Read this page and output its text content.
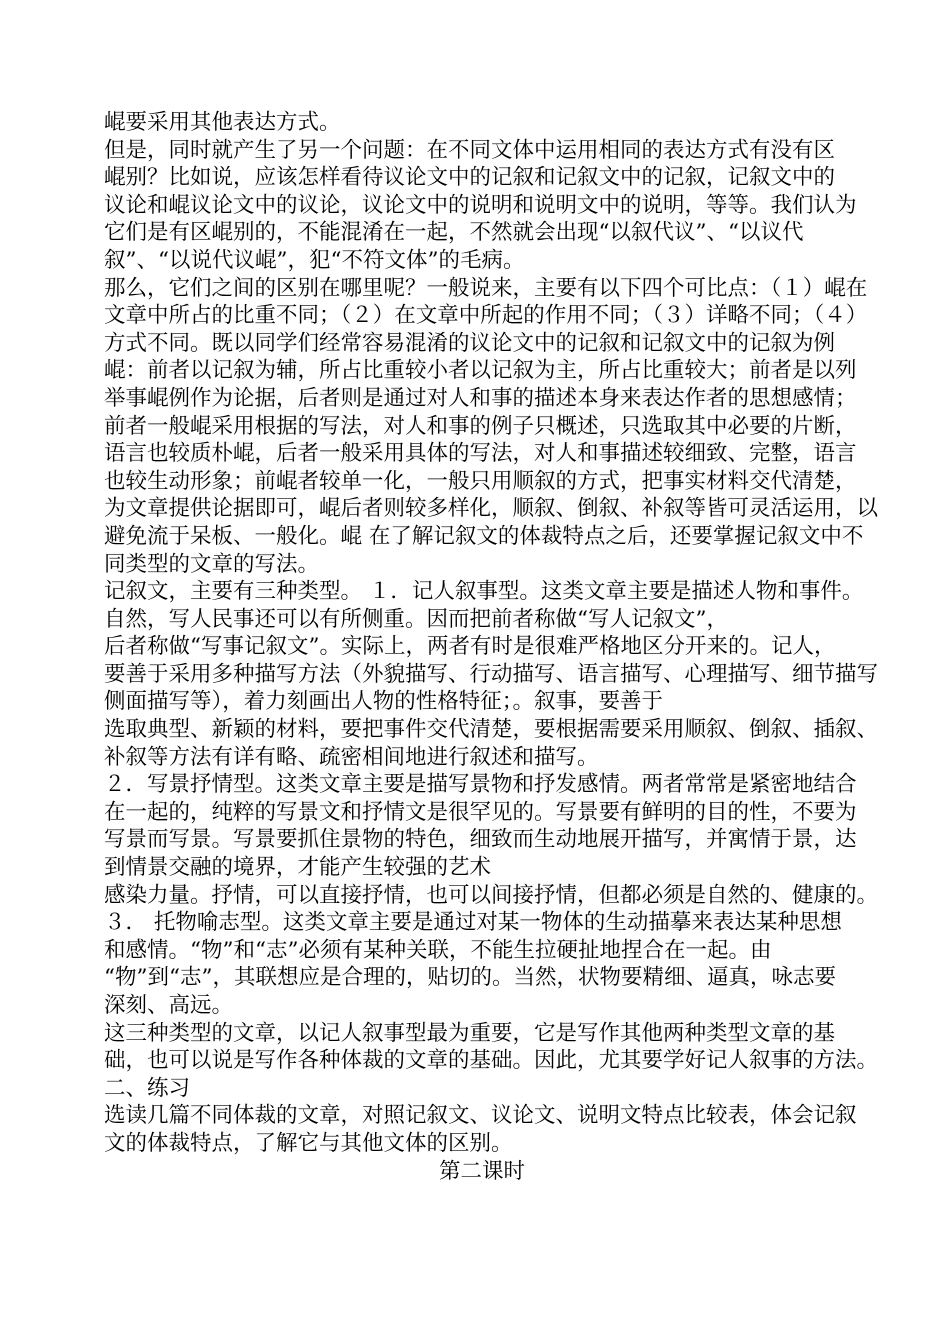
崐要采用其他表达方式。
但是，同时就产生了另一个问题：在不同文体中运用相同的表达方式有没有区
崐别？比如说，应该怎样看待议论文中的记叙和记叙文中的记叙，记叙文中的
议论和崐议论文中的议论，议论文中的说明和说明文中的说明，等等。我们认为
它们是有区崐别的，不能混淆在一起，不然就会出现“以叙代议”、“以议代
叙”、“以说代议崐”，犯“不符文体”的毛病。
那么，它们之间的区别在哪里呢？一般说来，主要有以下四个可比点：（１）崐在
文章中所占的比重不同；（２）在文章中所起的作用不同；（３）详略不同；（４）
方式不同。既以同学们经常容易混淆的议论文中的记叙和记叙文中的记叙为例
崐：前者以记叙为辅，所占比重较小者以记叙为主，所占比重较大；前者是以列
举事崐例作为论据，后者则是通过对人和事的描述本身来表达作者的思想感情；
前者一般崐采用根据的写法，对人和事的例子只概述，只选取其中必要的片断，
语言也较质朴崐，后者一般采用具体的写法，对人和事描述较细致、完整，语言
也较生动形象；前崐者较单一化，一般只用顺叙的方式，把事实材料交代清楚，
为文章提供论据即可，崐后者则较多样化，顺叙、倒叙、补叙等皆可灵活运用，以
避免流于呆板、一般化。崐 在了解记叙文的体裁特点之后，还要掌握记叙文中不
同类型的文章的写法。
记叙文，主要有三种类型。 １．记人叙事型。这类文章主要是描述人物和事件。
自然，写人民事还可以有所侧重。因而把前者称做“写人记叙文”，
后者称做“写事记叙文”。实际上，两者有时是很难严格地区分开来的。记人，
要善于采用多种描写方法（外貌描写、行动描写、语言描写、心理描写、细节描写
侧面描写等），着力刻画出人物的性格特征；。叙事，要善于
选取典型、新颖的材料，要把事件交代清楚，要根据需要采用顺叙、倒叙、插叙、
补叙等方法有详有略、疏密相间地进行叙述和描写。
２．写景抒情型。这类文章主要是描写景物和抒发感情。两者常常是紧密地结合
在一起的，纯粹的写景文和抒情文是很罕见的。写景要有鲜明的目的性，不要为
写景而写景。写景要抓住景物的特色，细致而生动地展开描写，并寓情于景，达
到情景交融的境界，才能产生较强的艺术
感染力量。抒情，可以直接抒情，也可以间接抒情，但都必须是自然的、健康的。
３． 托物喻志型。这类文章主要是通过对某一物体的生动描摹来表达某种思想
和感情。“物”和“志”必须有某种关联，不能生拉硬扯地捏合在一起。由
“物”到“志”，其联想应是合理的，贴切的。当然，状物要精细、逼真，咏志要
深刻、高远。
这三种类型的文章，以记人叙事型最为重要，它是写作其他两种类型文章的基
础，也可以说是写作各种体裁的文章的基础。因此，尤其要学好记人叙事的方法。
二、练习
选读几篇不同体裁的文章，对照记叙文、议论文、说明文特点比较表，体会记叙
文的体裁特点，了解它与其他文体的区别。
第二课时
